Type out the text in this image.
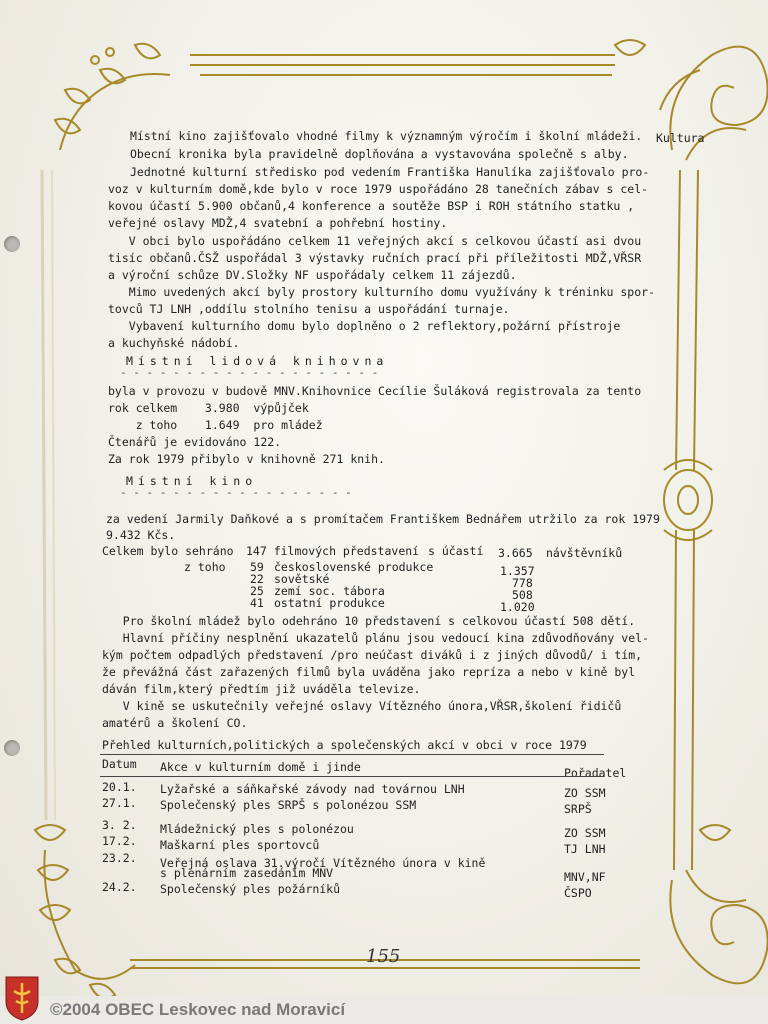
Kultura
Místní kino zajišťovalo vhodné filmy k významným výročím i školní mládeži.
Obecní kronika byla pravidelně doplňována a vystavována společně s alby.
Jednotné kulturní středisko pod vedením Františka Hanulíka zajišťovalo pro-
voz v kulturním domě,kde bylo v roce 1979 uspořádáno 28 tanečních zábav s cel-
kovou účastí 5.900 občanů,4 konference a soutěže BSP i ROH státního statku ,
veřejné oslavy MDŽ,4 svatební a pohřební hostiny.
V obci bylo uspořádáno celkem 11 veřejných akcí s celkovou účastí asi dvou
tisíc občanů.ČSŽ uspořádal 3 výstavky ručních prací při příležitosti MDŽ,VŘSR
a výroční schůze DV.Složky NF uspořádaly celkem 11 zájezdů.
Mimo uvedených akcí byly prostory kulturního domu využívány k tréninku spor-
tovců TJ LNH ,oddílu stolního tenisu a uspořádání turnaje.
Vybavení kulturního domu bylo doplněno o 2 reflektory,požární přístroje
a kuchyňské nádobí.
Místní lidová knihovna
- - - - - - - - - - - - - - - - - - - -
byla v provozu v budově MNV.Knihovnice Cecílie Šuláková registrovala za tento
rok celkem    3.980  výpůjček
z toho    1.649  pro mládež
Čtenářů je evidováno 122.
Za rok 1979 přibylo v knihovně 271 knih.
Místní kino
- - - - - - - - - - - - - - - - - -
za vedení Jarmily Daňkové a s promítačem Františkem Bednářem utržilo za rok 1979
9.432 Kčs.
Celkem bylo sehráno 147 filmových představení s účastí 3.665 návštěvníků
z toho 59 československé produkce	1.357
22 sovětské	778
25 zemí soc. tábora	508
41 ostatní produkce	1.020
Pro školní mládež bylo odehráno 10 představení s celkovou účastí 508 dětí.
Hlavní příčiny nesplnění ukazatelů plánu jsou vedoucí kina zdůvodňovány vel-
kým počtem odpadlých představení /pro neúčast diváků i z jiných důvodů/ i tím,
že převážná část zařazených filmů byla uváděna jako repríza a nebo v kině byl
dáván film,který předtím již uváděla televize.
V kině se uskutečnily veřejné oslavy Vítězného února,VŘSR,školení řidičů
amatérů a školení CO.
Přehled kulturních,politických a společenských akcí v obci v roce 1979
Datum Akce v kulturním domě i jinde	Pořadatel
20.1. Lyžařské a sáňkařské závody nad továrnou LNH	ZO SSM
27.1. Společenský ples SRPŠ s polonézou SSM	SRPŠ
3. 2. Mládežnický ples s polonézou	ZO SSM
17.2. Maškarní ples sportovců	TJ LNH
23.2. Veřejná oslava 31.výročí Vítězného února v kině
s plenárním zasedáním MNV	MNV,NF
24.2. Společenský ples požárníků	ČSPO
155
©2004 OBEC Leskovec nad Moravicí
